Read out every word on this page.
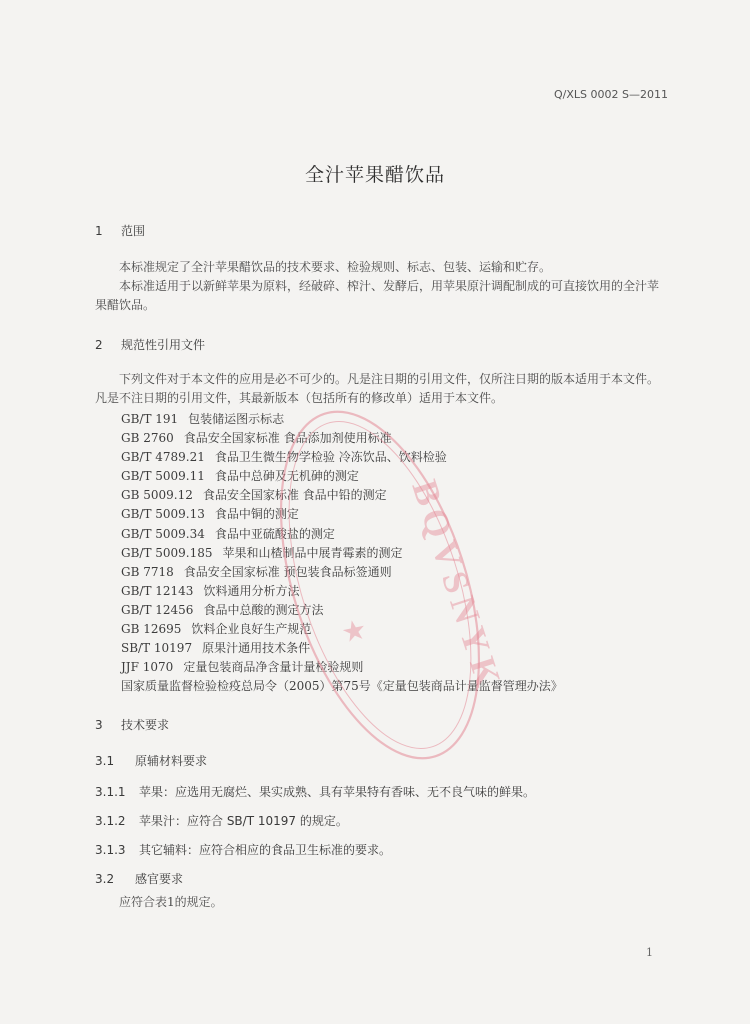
Q/XLS 0002 S—2011
全汁苹果醋饮品
1 范围
本标准规定了全汁苹果醋饮品的技术要求、检验规则、标志、包装、运输和贮存。
本标准适用于以新鲜苹果为原料，经破碎、榨汁、发酵后，用苹果原汁调配制成的可直接饮用的全汁苹果醋饮品。
2 规范性引用文件
下列文件对于本文件的应用是必不可少的。凡是注日期的引用文件，仅所注日期的版本适用于本文件。凡是不注日期的引用文件，其最新版本（包括所有的修改单）适用于本文件。
GB/T 191 包装储运图示标志
GB 2760 食品安全国家标准 食品添加剂使用标准
GB/T 4789.21 食品卫生微生物学检验 冷冻饮品、饮料检验
GB/T 5009.11 食品中总砷及无机砷的测定
GB 5009.12 食品安全国家标准 食品中铅的测定
GB/T 5009.13 食品中铜的测定
GB/T 5009.34 食品中亚硫酸盐的测定
GB/T 5009.185 苹果和山楂制品中展青霉素的测定
GB 7718 食品安全国家标准 预包装食品标签通则
GB/T 12143 饮料通用分析方法
GB/T 12456 食品中总酸的测定方法
GB 12695 饮料企业良好生产规范
SB/T 10197 原果汁通用技术条件
JJF 1070 定量包装商品净含量计量检验规则
国家质量监督检验检疫总局令（2005）第75号《定量包装商品计量监督管理办法》
3 技术要求
3.1 原辅材料要求
3.1.1 苹果：应选用无腐烂、果实成熟、具有苹果特有香味、无不良气味的鲜果。
3.1.2 苹果汁：应符合 SB/T 10197 的规定。
3.1.3 其它辅料：应符合相应的食品卫生标准的要求。
3.2 感官要求
应符合表1的规定。
1
BQVSNYK
★
